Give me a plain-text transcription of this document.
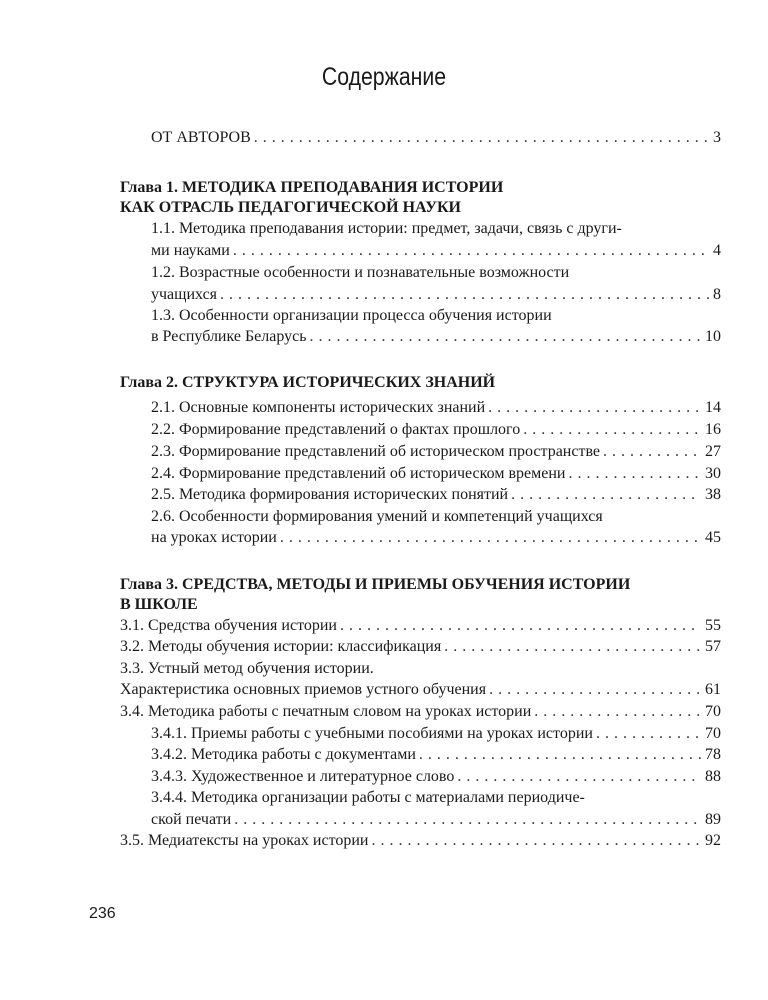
Содержание
ОТ АВТОРОВ . . .	3
Глава 1. МЕТОДИКА ПРЕПОДАВАНИЯ ИСТОРИИ
КАК ОТРАСЛЬ ПЕДАГОГИЧЕСКОЙ НАУКИ
1.1. Методика преподавания истории: предмет, задачи, связь с други-
ми науками . . .	4
1.2. Возрастные особенности и познавательные возможности
учащихся . . .	8
1.3. Особенности организации процесса обучения истории
в Республике Беларусь . . .	10
Глава 2. СТРУКТУРА ИСТОРИЧЕСКИХ ЗНАНИЙ
2.1. Основные компоненты исторических знаний . . .	14
2.2. Формирование представлений о фактах прошлого . . .	16
2.3. Формирование представлений об историческом пространстве . . .	27
2.4. Формирование представлений об историческом времени . . .	30
2.5. Методика формирования исторических понятий . . .	38
2.6. Особенности формирования умений и компетенций учащихся
на уроках истории . . .	45
Глава 3. СРЕДСТВА, МЕТОДЫ И ПРИЕМЫ ОБУЧЕНИЯ ИСТОРИИ
В ШКОЛЕ
3.1. Средства обучения истории . . .	55
3.2. Методы обучения истории: классификация . . .	57
3.3. Устный метод обучения истории.
Характеристика основных приемов устного обучения . . .	61
3.4. Методика работы с печатным словом на уроках истории . . .	70
3.4.1. Приемы работы с учебными пособиями на уроках истории . . .	70
3.4.2. Методика работы с документами . . .	78
3.4.3. Художественное и литературное слово . . .	88
3.4.4. Методика организации работы с материалами периодиче-
ской печати . . .	89
3.5. Медиатексты на уроках истории . . .	92
236
